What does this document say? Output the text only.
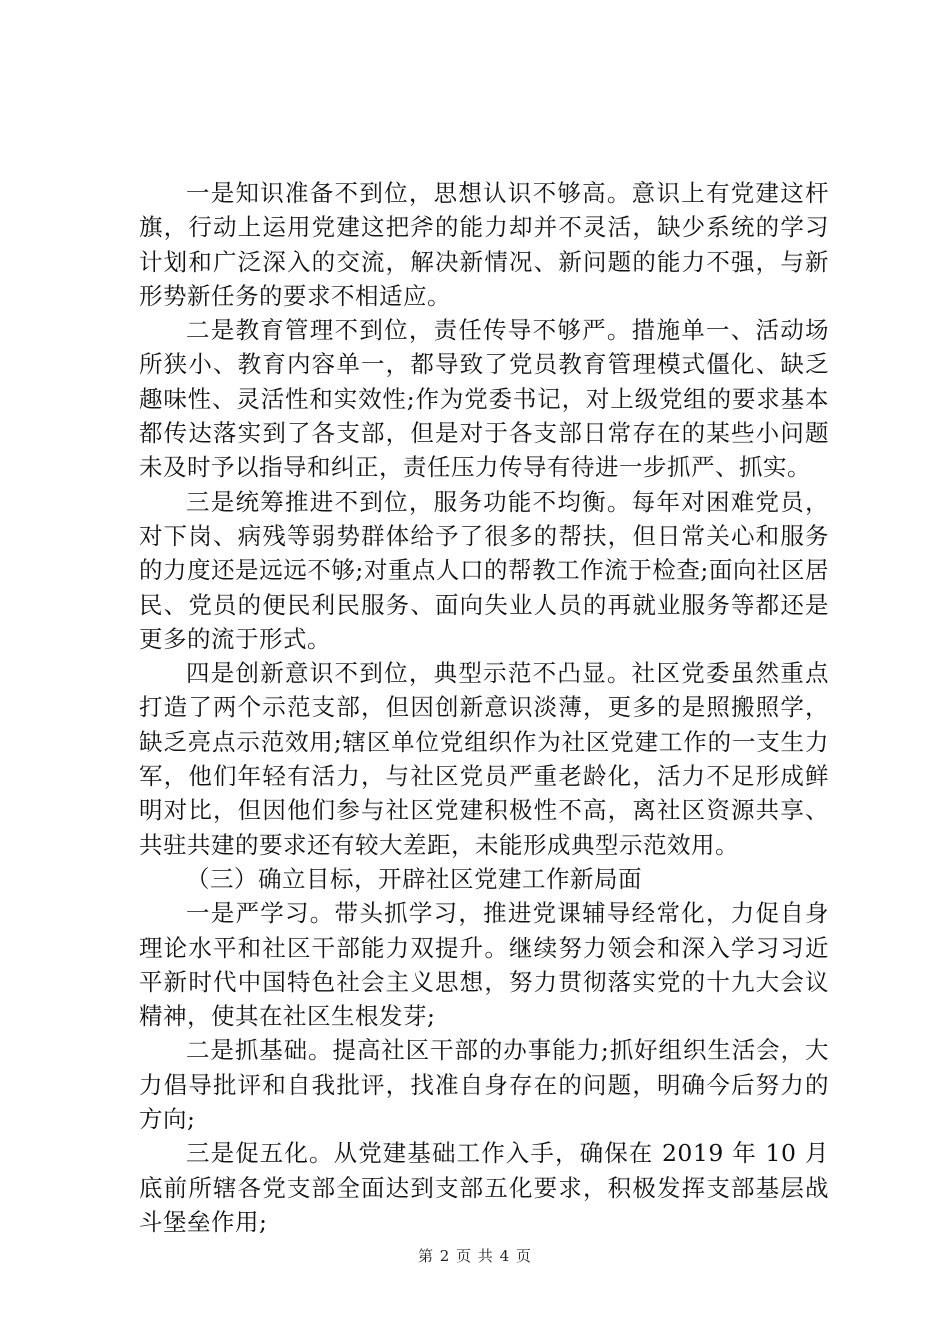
一是知识准备不到位，思想认识不够高。意识上有党建这杆旗，行动上运用党建这把斧的能力却并不灵活，缺少系统的学习计划和广泛深入的交流，解决新情况、新问题的能力不强，与新形势新任务的要求不相适应。

二是教育管理不到位，责任传导不够严。措施单一、活动场所狭小、教育内容单一，都导致了党员教育管理模式僵化、缺乏趣味性、灵活性和实效性;作为党委书记，对上级党组的要求基本都传达落实到了各支部，但是对于各支部日常存在的某些小问题未及时予以指导和纠正，责任压力传导有待进一步抓严、抓实。

三是统筹推进不到位，服务功能不均衡。每年对困难党员，对下岗、病残等弱势群体给予了很多的帮扶，但日常关心和服务的力度还是远远不够;对重点人口的帮教工作流于检查;面向社区居民、党员的便民利民服务、面向失业人员的再就业服务等都还是更多的流于形式。

四是创新意识不到位，典型示范不凸显。社区党委虽然重点打造了两个示范支部，但因创新意识淡薄，更多的是照搬照学，缺乏亮点示范效用;辖区单位党组织作为社区党建工作的一支生力军，他们年轻有活力，与社区党员严重老龄化，活力不足形成鲜明对比，但因他们参与社区党建积极性不高，离社区资源共享、共驻共建的要求还有较大差距，未能形成典型示范效用。

（三）确立目标，开辟社区党建工作新局面

一是严学习。带头抓学习，推进党课辅导经常化，力促自身理论水平和社区干部能力双提升。继续努力领会和深入学习习近平新时代中国特色社会主义思想，努力贯彻落实党的十九大会议精神，使其在社区生根发芽;

二是抓基础。提高社区干部的办事能力;抓好组织生活会，大力倡导批评和自我批评，找准自身存在的问题，明确今后努力的方向;

三是促五化。从党建基础工作入手，确保在 2019 年 10 月底前所辖各党支部全面达到支部五化要求，积极发挥支部基层战斗堡垒作用;

第 2 页 共 4 页
